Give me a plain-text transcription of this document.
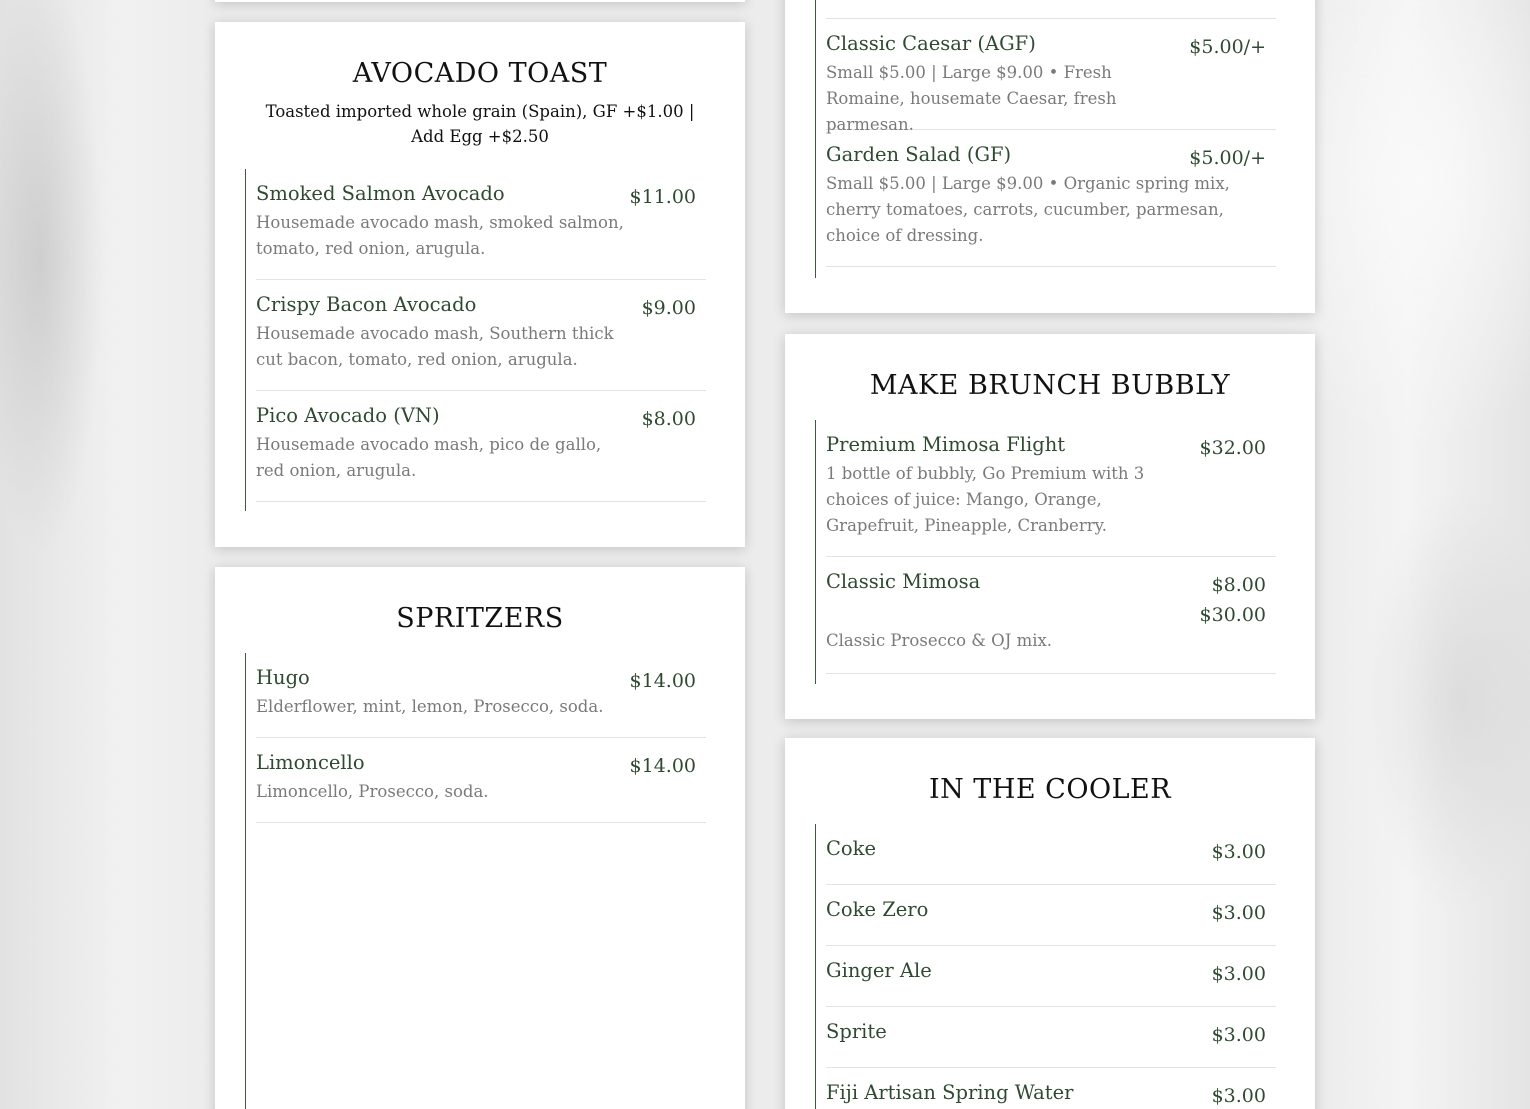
AVOCADO TOAST

Toasted imported whole grain (Spain), GF +$1.00 | Add Egg +$2.50

Smoked Salmon Avocado	$11.00
Housemade avocado mash, smoked salmon, tomato, red onion, arugula.
Crispy Bacon Avocado	$9.00
Housemade avocado mash, Southern thick cut bacon, tomato, red onion, arugula.
Pico Avocado (VN)	$8.00
Housemade avocado mash, pico de gallo, red onion, arugula.
SPRITZERS
Hugo	$14.00
Elderflower, mint, lemon, Prosecco, soda.
Limoncello	$14.00
Limoncello, Prosecco, soda.
Classic Caesar (AGF)	$5.00/+
Small $5.00 | Large $9.00 • Fresh Romaine, housemate Caesar, fresh parmesan.
Garden Salad (GF)	$5.00/+
Small $5.00 | Large $9.00 • Organic spring mix, cherry tomatoes, carrots, cucumber, parmesan, choice of dressing.
MAKE BRUNCH BUBBLY
Premium Mimosa Flight	$32.00
1 bottle of bubbly, Go Premium with 3 choices of juice: Mango, Orange, Grapefruit, Pineapple, Cranberry.
Classic Mimosa	$8.00
$30.00
Classic Prosecco & OJ mix.
IN THE COOLER
Coke	$3.00
Coke Zero	$3.00
Ginger Ale	$3.00
Sprite	$3.00
Fiji Artisan Spring Water	$3.00
